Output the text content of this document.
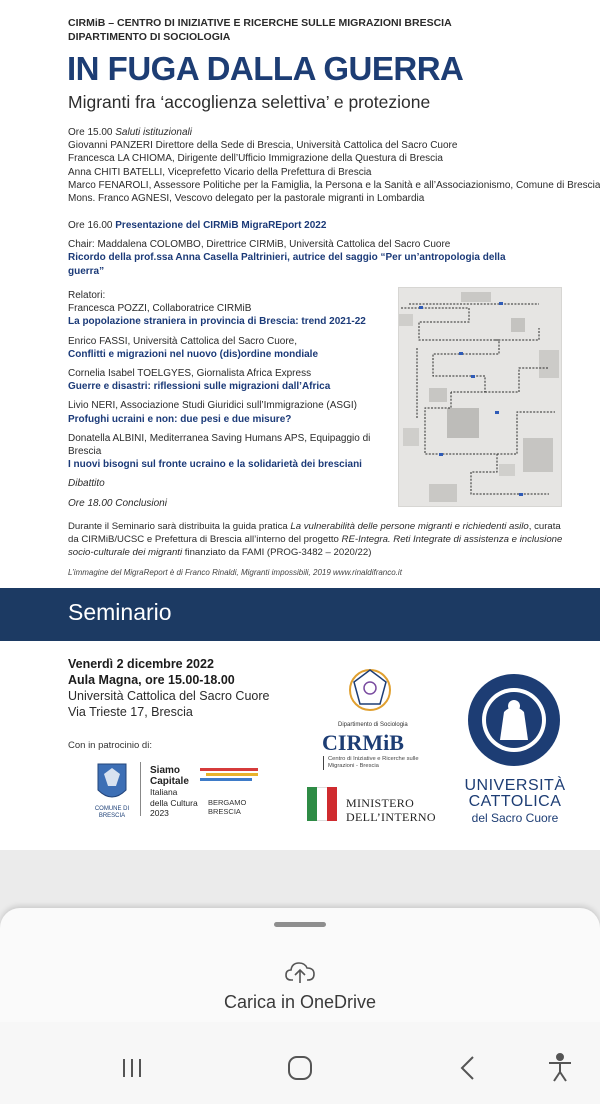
CIRMiB – CENTRO DI INIZIATIVE E RICERCHE SULLE MIGRAZIONI BRESCIA
DIPARTIMENTO DI SOCIOLOGIA
IN FUGA DALLA GUERRA
Migranti fra ‘accoglienza selettiva’ e protezione
Ore 15.00 Saluti istituzionali
Giovanni PANZERI Direttore della Sede di Brescia, Università Cattolica del Sacro Cuore
Francesca LA CHIOMA, Dirigente dell’Ufficio Immigrazione della Questura di Brescia
Anna CHITI BATELLI, Viceprefetto Vicario della Prefettura di Brescia
Marco FENAROLI, Assessore Politiche per la Famiglia, la Persona e la Sanità e all’Associazionismo, Comune di Brescia
Mons. Franco AGNESI, Vescovo delegato per la pastorale migranti in Lombardia
Ore 16.00 Presentazione del CIRMiB MigraREport 2022
Chair: Maddalena COLOMBO, Direttrice CIRMiB, Università Cattolica del Sacro Cuore
Ricordo della prof.ssa Anna Casella Paltrinieri, autrice del saggio “Per un’antropologia della
guerra”
Relatori:
Francesca POZZI, Collaboratrice CIRMiB
La popolazione straniera in provincia di Brescia: trend 2021-22
Enrico FASSI, Università Cattolica del Sacro Cuore,
Conflitti e migrazioni nel nuovo (dis)ordine mondiale
Cornelia Isabel TOELGYES, Giornalista Africa Express
Guerre e disastri: riflessioni sulle migrazioni dall’Africa
Livio NERI, Associazione Studi Giuridici sull’Immigrazione (ASGI)
Profughi ucraini e non: due pesi e due misure?
Donatella ALBINI, Mediterranea Saving Humans APS, Equipaggio di Brescia
I nuovi bisogni sul fronte ucraino e la solidarietà dei bresciani
Dibattito
Ore 18.00 Conclusioni
Durante il Seminario sarà distribuita la guida pratica La vulnerabilità delle persone migranti e richiedenti asilo, curata da CIRMiB/UCSC e Prefettura di Brescia all’interno del progetto RE-Integra. Reti Integrate di assistenza e inclusione socio-culturale dei migranti finanziato da FAMI (PROG-3482 – 2020/22)
L’immagine del MigraReport è di Franco Rinaldi, Migranti impossibili, 2019 www.rinaldifranco.it
Seminario
Venerdì 2 dicembre 2022
Aula Magna, ore 15.00-18.00
Università Cattolica del Sacro Cuore
Via Trieste 17, Brescia
Con in patrocinio di:
COMUNE DI BRESCIA
Siamo
Capitale
Italiana
della Cultura
2023
BERGAMO
BRESCIA
Dipartimento di Sociologia
CIRMiB
Centro di Iniziative e Ricerche sulle Migrazioni - Brescia
MINISTERO
DELL’INTERNO
UNIVERSITÀ
CATTOLICA
del Sacro Cuore
Carica in OneDrive
